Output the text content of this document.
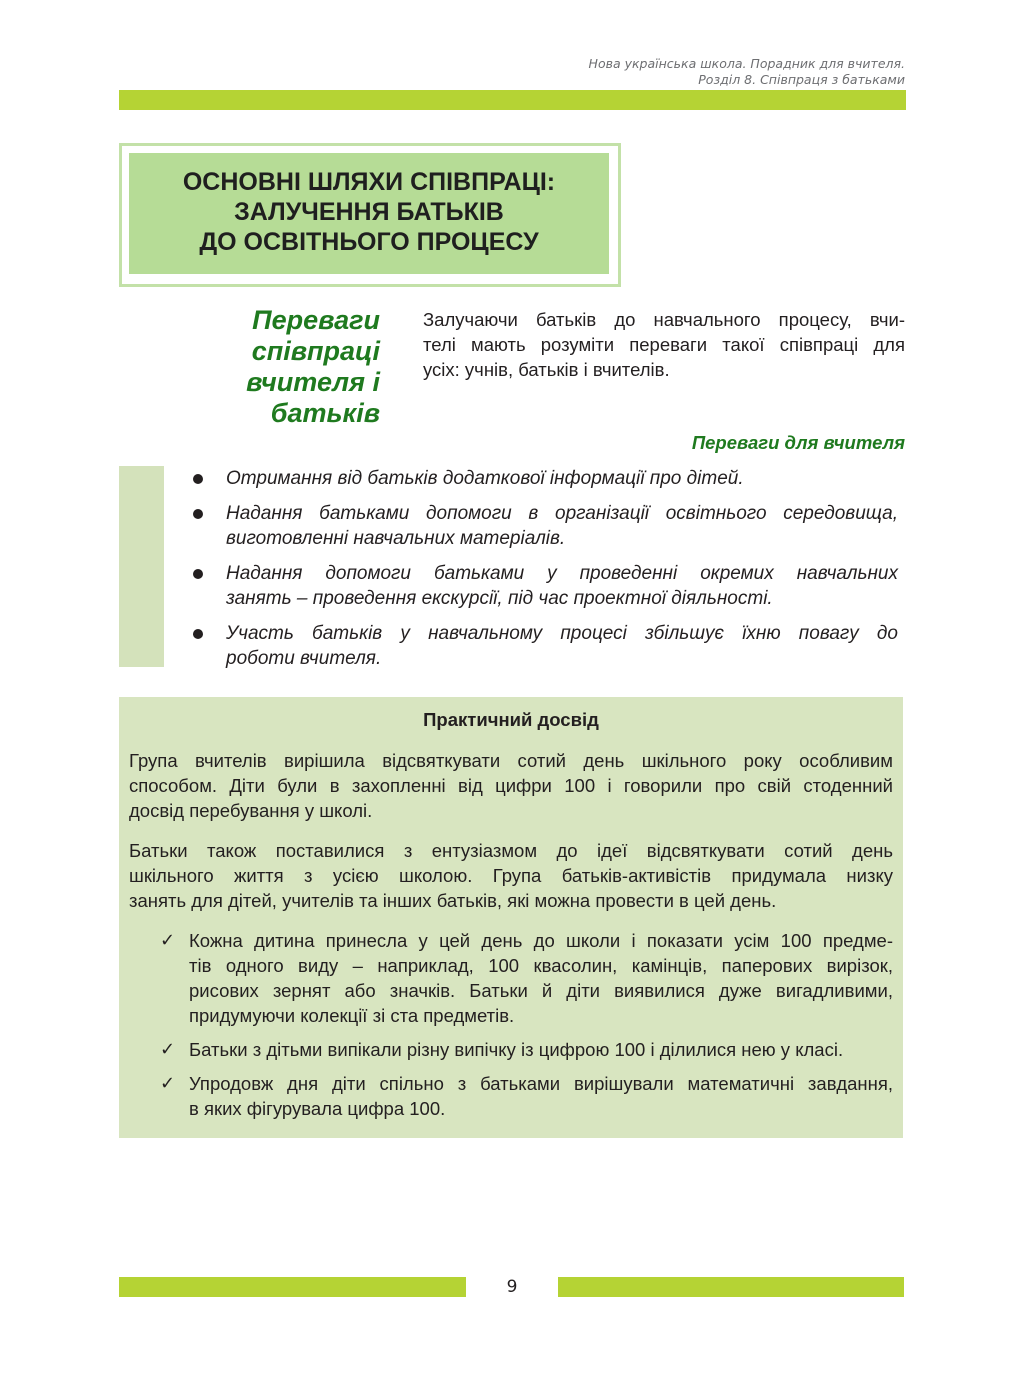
Нова українська школа. Порадник для вчителя.
Розділ 8. Співпраця з батьками
ОСНОВНІ ШЛЯХИ СПІВПРАЦІ:
ЗАЛУЧЕННЯ БАТЬКІВ
ДО ОСВІТНЬОГО ПРОЦЕСУ
Переваги
співпраці
вчителя і
батьків
Залучаючи батьків до навчального процесу, вчи-
телі мають розуміти переваги такої співпраці для
усіх: учнів, батьків і вчителів.
Переваги для вчителя
Отримання від батьків додаткової інформації про дітей.
Надання батьками допомоги в організації освітнього середовища,
виготовленні навчальних матеріалів.
Надання допомоги батьками у проведенні окремих навчальних
занять – проведення екскурсії, під час проектної діяльності.
Участь батьків у навчальному процесі збільшує їхню повагу до
роботи вчителя.
Практичний досвід

Група вчителів вирішила відсвяткувати сотий день шкільного року особливим
способом. Діти були в захопленні від цифри 100 і говорили про свій стоденний
досвід перебування у школі.

Батьки також поставилися з ентузіазмом до ідеї відсвяткувати сотий день
шкільного життя з усією школою. Група батьків-активістів придумала низку
занять для дітей, учителів та інших батьків, які можна провести в цей день.

✓ Кожна дитина принесла у цей день до школи і показати усім 100 предме-
тів одного виду – наприклад, 100 квасолин, камінців, паперових вирізок,
рисових зернят або значків. Батьки й діти виявилися дуже вигадливими,
придумуючи колекції зі ста предметів.
✓ Батьки з дітьми випікали різну випічку із цифрою 100 і ділилися нею у класі.
✓ Упродовж дня діти спільно з батьками вирішували математичні завдання,
в яких фігурувала цифра 100.
9
